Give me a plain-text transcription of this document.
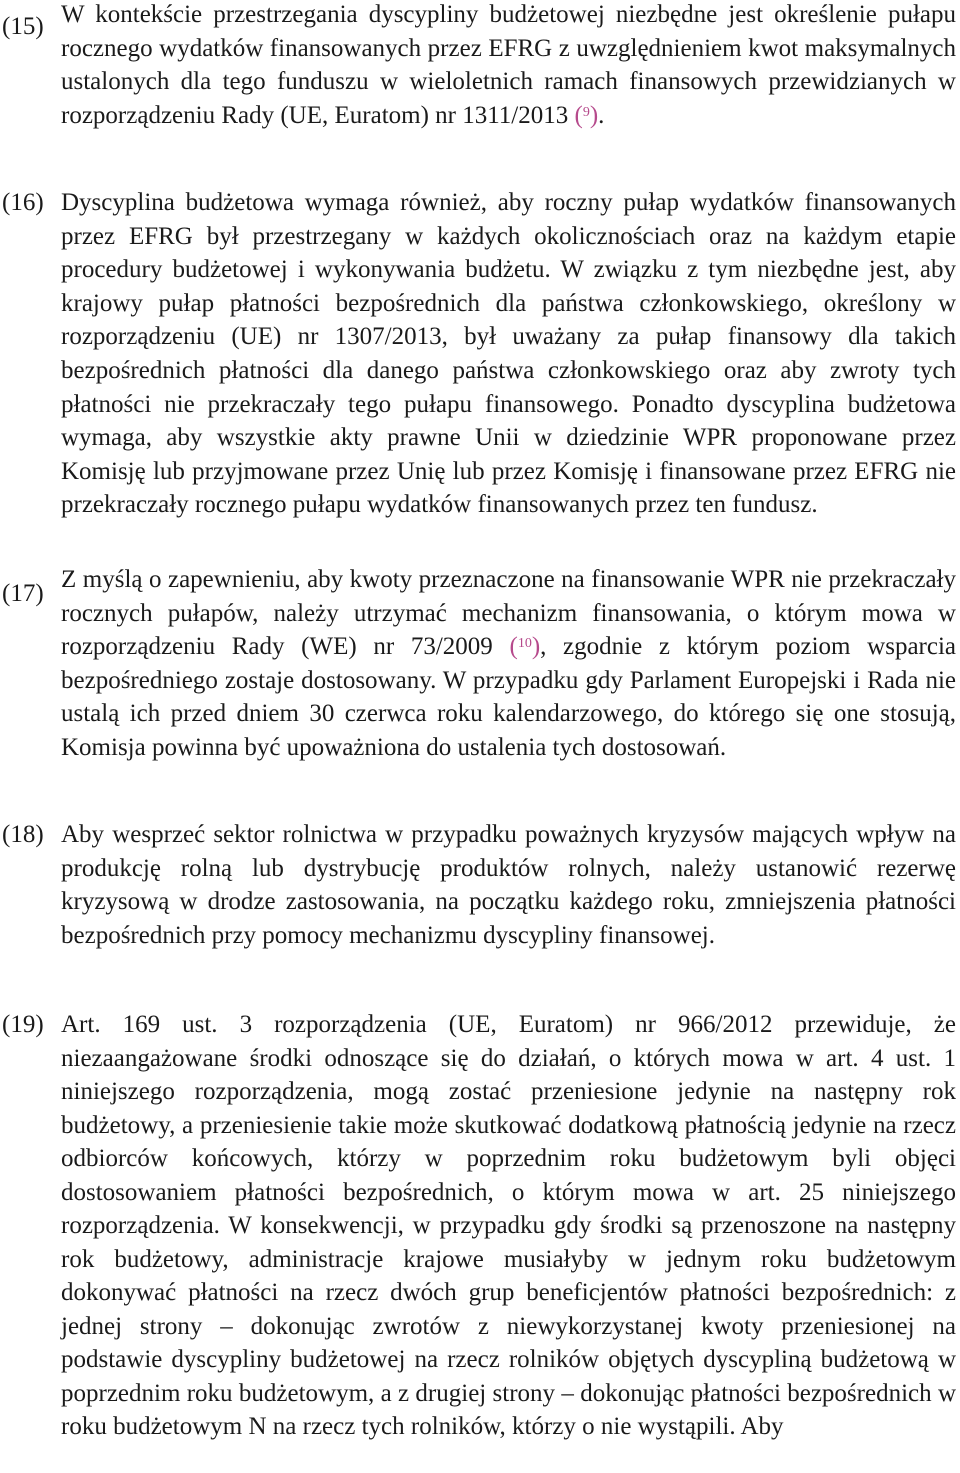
(15) W kontekście przestrzegania dyscypliny budżetowej niezbędne jest określenie pułapu rocznego wydatków finansowanych przez EFRG z uwzględnieniem kwot maksymalnych ustalonych dla tego funduszu w wieloletnich ramach finansowych przewidzianych w rozporządzeniu Rady (UE, Euratom) nr 1311/2013 ($^9$).
(16) Dyscyplina budżetowa wymaga również, aby roczny pułap wydatków finansowanych przez EFRG był przestrzegany w każdych okolicznościach oraz na każdym etapie procedury budżetowej i wykonywania budżetu. W związku z tym niezbędne jest, aby krajowy pułap płatności bezpośrednich dla państwa członkowskiego, określony w rozporządzeniu (UE) nr 1307/2013, był uważany za pułap finansowy dla takich bezpośrednich płatności dla danego państwa członkowskiego oraz aby zwroty tych płatności nie przekraczały tego pułapu finansowego. Ponadto dyscyplina budżetowa wymaga, aby wszystkie akty prawne Unii w dziedzinie WPR proponowane przez Komisję lub przyjmowane przez Unię lub przez Komisję i finansowane przez EFRG nie przekraczały rocznego pułapu wydatków finansowanych przez ten fundusz.
(17)
Z myślą o zapewnieniu, aby kwoty przeznaczone na finansowanie WPR nie przekraczały rocznych pułapów, należy utrzymać mechanizm finansowania, o którym mowa w rozporządzeniu Rady (WE) nr 73/2009 ($^{10}$), zgodnie z którym poziom wsparcia bezpośredniego zostaje dostosowany. W przypadku gdy Parlament Europejski i Rada nie ustalą ich przed dniem 30 czerwca roku kalendarzowego, do którego się one stosują, Komisja powinna być upoważniona do ustalenia tych dostosowań.
(18) Aby wesprzeć sektor rolnictwa w przypadku poważnych kryzysów mających wpływ na produkcję rolną lub dystrybucję produktów rolnych, należy ustanowić rezerwę kryzysową w drodze zastosowania, na początku każdego roku, zmniejszenia płatności bezpośrednich przy pomocy mechanizmu dyscypliny finansowej.
(19) Art. 169 ust. 3 rozporządzenia (UE, Euratom) nr 966/2012 przewiduje, że niezaangażowane środki odnoszące się do działań, o których mowa w art. 4 ust. 1 niniejszego rozporządzenia, mogą zostać przeniesione jedynie na następny rok budżetowy, a przeniesienie takie może skutkować dodatkową płatnością jedynie na rzecz odbiorców końcowych, którzy w poprzednim roku budżetowym byli objęci dostosowaniem płatności bezpośrednich, o którym mowa w art. 25 niniejszego rozporządzenia. W konsekwencji, w przypadku gdy środki są przenoszone na następny rok budżetowy, administracje krajowe musiałyby w jednym roku budżetowym dokonywać płatności na rzecz dwóch grup beneficjentów płatności bezpośrednich: z jednej strony – dokonując zwrotów z niewykorzystanej kwoty przeniesionej na podstawie dyscypliny budżetowej na rzecz rolników objętych dyscypliną budżetową w poprzednim roku budżetowym, a z drugiej strony – dokonując płatności bezpośrednich w roku budżetowym N na rzecz tych rolników, którzy o nie wystąpili. Aby
